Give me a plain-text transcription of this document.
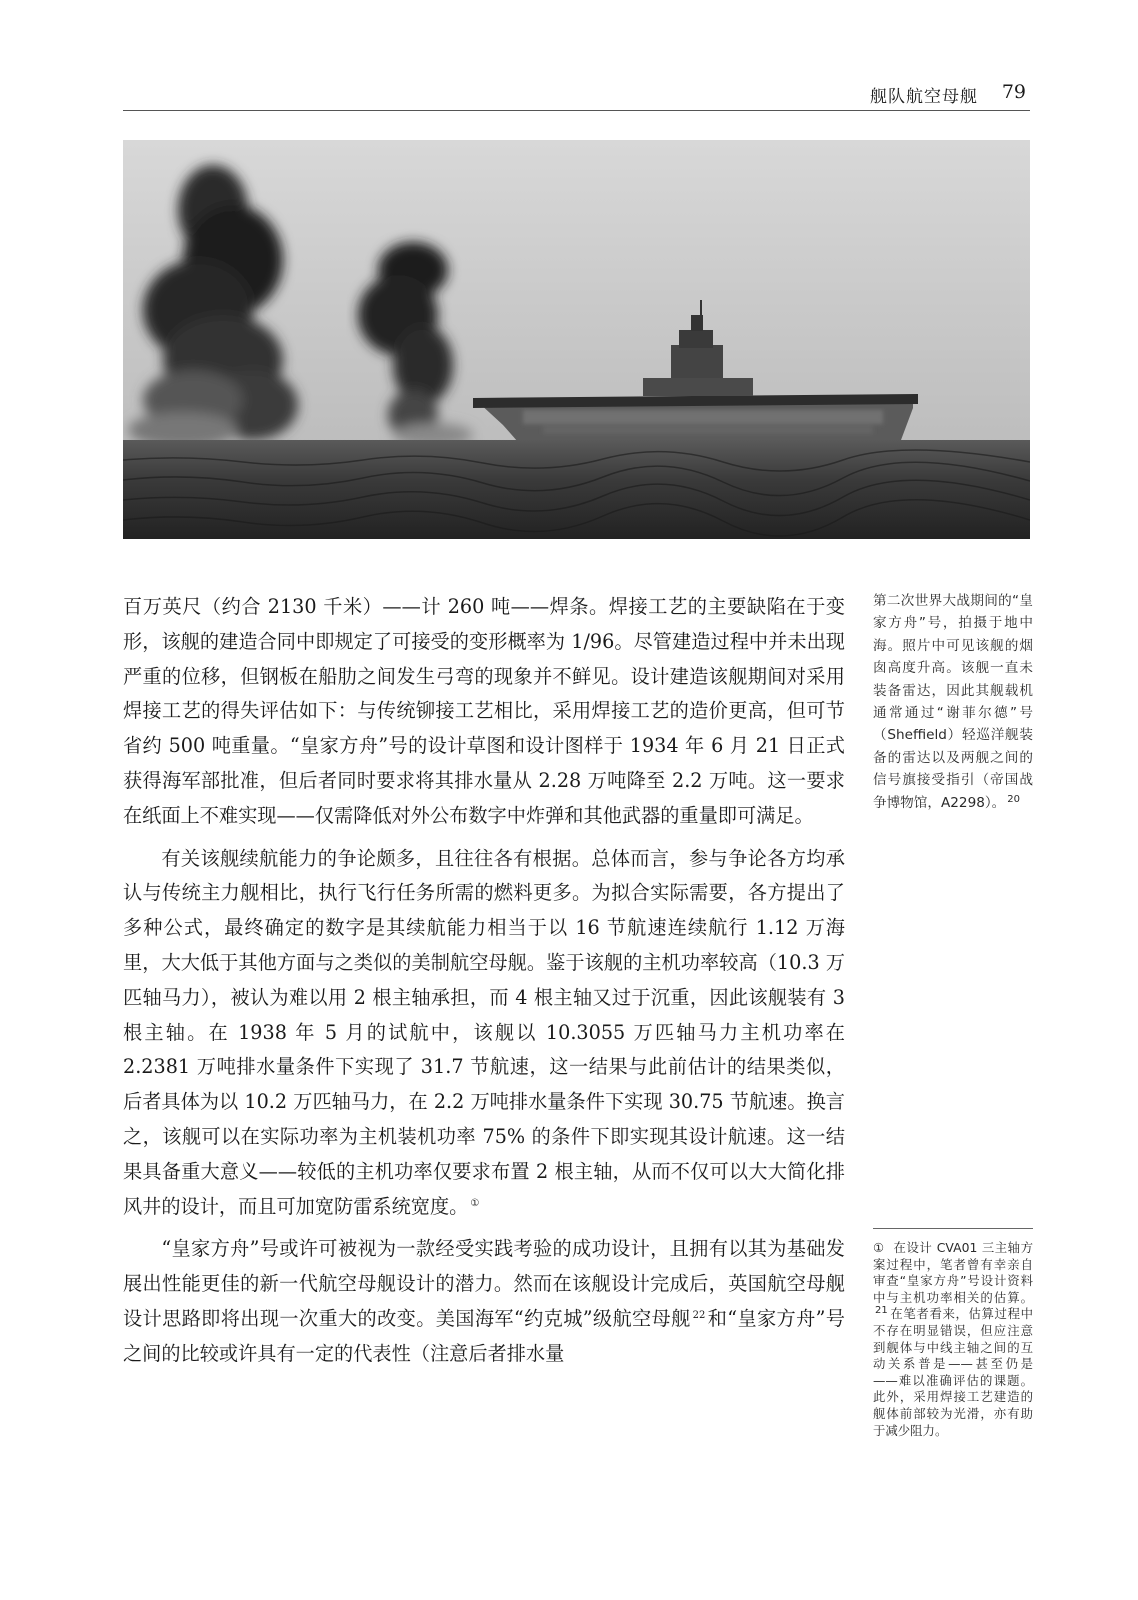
舰队航空母舰 79

百万英尺（约合 2130 千米）——计 260 吨——焊条。焊接工艺的主要缺陷在于变形，该舰的建造合同中即规定了可接受的变形概率为 1/96。尽管建造过程中并未出现严重的位移，但钢板在船肋之间发生弓弯的现象并不鲜见。设计建造该舰期间对采用焊接工艺的得失评估如下：与传统铆接工艺相比，采用焊接工艺的造价更高，但可节省约 500 吨重量。“皇家方舟”号的设计草图和设计图样于 1934 年 6 月 21 日正式获得海军部批准，但后者同时要求将其排水量从 2.28 万吨降至 2.2 万吨。这一要求在纸面上不难实现——仅需降低对外公布数字中炸弹和其他武器的重量即可满足。

有关该舰续航能力的争论颇多，且往往各有根据。总体而言，参与争论各方均承认与传统主力舰相比，执行飞行任务所需的燃料更多。为拟合实际需要，各方提出了多种公式，最终确定的数字是其续航能力相当于以 16 节航速连续航行 1.12 万海里，大大低于其他方面与之类似的美制航空母舰。鉴于该舰的主机功率较高（10.3 万匹轴马力），被认为难以用 2 根主轴承担，而 4 根主轴又过于沉重，因此该舰装有 3 根主轴。在 1938 年 5 月的试航中，该舰以 10.3055 万匹轴马力主机功率在 2.2381 万吨排水量条件下实现了 31.7 节航速，这一结果与此前估计的结果类似，后者具体为以 10.2 万匹轴马力，在 2.2 万吨排水量条件下实现 30.75 节航速。换言之，该舰可以在实际功率为主机装机功率 75% 的条件下即实现其设计航速。这一结果具备重大意义——较低的主机功率仅要求布置 2 根主轴，从而不仅可以大大简化排风井的设计，而且可加宽防雷系统宽度。 ①

“皇家方舟”号或许可被视为一款经受实践考验的成功设计，且拥有以其为基础发展出性能更佳的新一代航空母舰设计的潜力。然而在该舰设计完成后，英国航空母舰设计思路即将出现一次重大的改变。美国海军“约克城”级航空母舰 $^{22}$ 和“皇家方舟”号之间的比较或许具有一定的代表性（注意后者排水量

第二次世界大战期间的“皇家方舟”号，拍摄于地中海。照片中可见该舰的烟囱高度升高。该舰一直未装备雷达，因此其舰载机通常通过“谢菲尔德”号（Sheffield）轻巡洋舰装备的雷达以及两舰之间的信号旗接受指引（帝国战争博物馆，A2298）。 $^{20}$
① 在设计 CVA01 三主轴方案过程中，笔者曾有幸亲自审查“皇家方舟”号设计资料中与主机功率相关的估算。$^{21}$ 在笔者看来，估算过程中不存在明显错误，但应注意到舰体与中线主轴之间的互动关系普是——甚至仍是——难以准确评估的课题。此外，采用焊接工艺建造的舰体前部较为光滑，亦有助于减少阻力。
